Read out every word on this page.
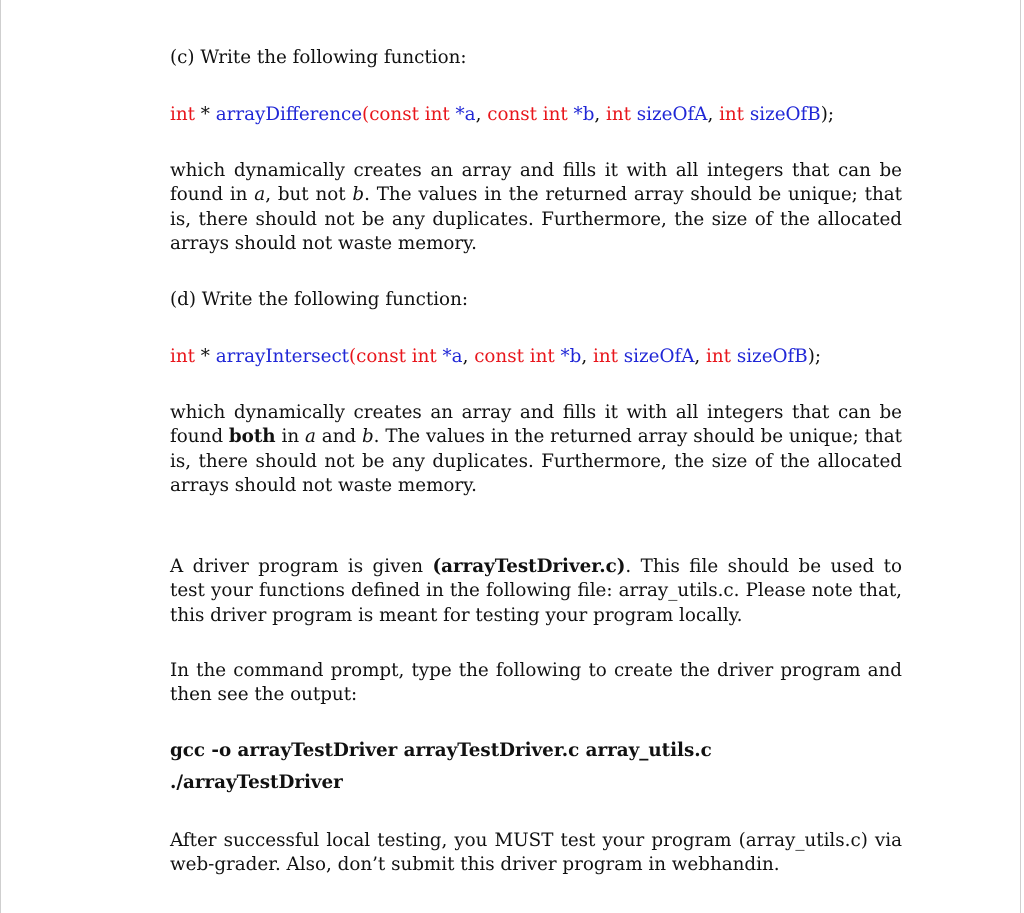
(c) Write the following function:
int * arrayDifference(const int *a, const int *b, int sizeOfA, int sizeOfB);
which dynamically creates an array and fills it with all integers that can be found in a, but not b. The values in the returned array should be unique; that is, there should not be any duplicates. Furthermore, the size of the allocated arrays should not waste memory.
(d) Write the following function:
int * arrayIntersect(const int *a, const int *b, int sizeOfA, int sizeOfB);
which dynamically creates an array and fills it with all integers that can be found both in a and b. The values in the returned array should be unique; that is, there should not be any duplicates. Furthermore, the size of the allocated arrays should not waste memory.
A driver program is given (arrayTestDriver.c). This file should be used to test your functions defined in the following file: array_utils.c. Please note that, this driver program is meant for testing your program locally.
In the command prompt, type the following to create the driver program and then see the output:
gcc -o arrayTestDriver arrayTestDriver.c array_utils.c
./arrayTestDriver
After successful local testing, you MUST test your program (array_utils.c) via web-grader. Also, don’t submit this driver program in webhandin.
